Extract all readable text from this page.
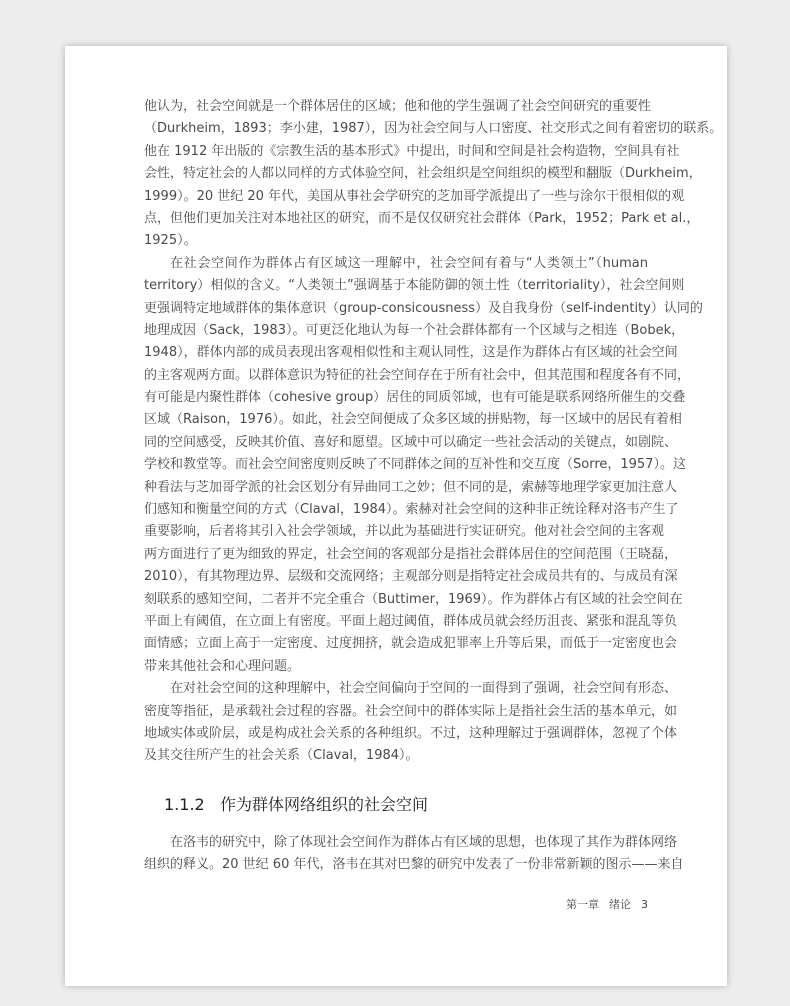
他认为，社会空间就是一个群体居住的区域；他和他的学生强调了社会空间研究的重要性
（Durkheim，1893；李小建，1987），因为社会空间与人口密度、社交形式之间有着密切的联系。
他在 1912 年出版的《宗教生活的基本形式》中提出，时间和空间是社会构造物，空间具有社
会性，特定社会的人都以同样的方式体验空间，社会组织是空间组织的模型和翻版（Durkheim，
1999）。20 世纪 20 年代，美国从事社会学研究的芝加哥学派提出了一些与涂尔干很相似的观
点，但他们更加关注对本地社区的研究，而不是仅仅研究社会群体（Park，1952；Park et al.，
1925）。
在社会空间作为群体占有区域这一理解中，社会空间有着与“人类领土”（human
territory）相似的含义。“人类领土”强调基于本能防御的领土性（territoriality），社会空间则
更强调特定地域群体的集体意识（group-consicousness）及自我身份（self-indentity）认同的
地理成因（Sack，1983）。可更泛化地认为每一个社会群体都有一个区域与之相连（Bobek，
1948），群体内部的成员表现出客观相似性和主观认同性，这是作为群体占有区域的社会空间
的主客观两方面。以群体意识为特征的社会空间存在于所有社会中，但其范围和程度各有不同，
有可能是内聚性群体（cohesive group）居住的同质邻域，也有可能是联系网络所催生的交叠
区域（Raison，1976）。如此，社会空间便成了众多区域的拼贴物，每一区域中的居民有着相
同的空间感受，反映其价值、喜好和愿望。区域中可以确定一些社会活动的关键点，如剧院、
学校和教堂等。而社会空间密度则反映了不同群体之间的互补性和交互度（Sorre，1957）。这
种看法与芝加哥学派的社会区划分有异曲同工之妙；但不同的是，索赫等地理学家更加注意人
们感知和衡量空间的方式（Claval，1984）。索赫对社会空间的这种非正统诠释对洛韦产生了
重要影响，后者将其引入社会学领域，并以此为基础进行实证研究。他对社会空间的主客观
两方面进行了更为细致的界定，社会空间的客观部分是指社会群体居住的空间范围（王晓磊，
2010），有其物理边界、层级和交流网络；主观部分则是指特定社会成员共有的、与成员有深
刻联系的感知空间，二者并不完全重合（Buttimer，1969）。作为群体占有区域的社会空间在
平面上有阈值，在立面上有密度。平面上超过阈值，群体成员就会经历沮丧、紧张和混乱等负
面情感；立面上高于一定密度、过度拥挤，就会造成犯罪率上升等后果，而低于一定密度也会
带来其他社会和心理问题。
在对社会空间的这种理解中，社会空间偏向于空间的一面得到了强调，社会空间有形态、
密度等指征，是承载社会过程的容器。社会空间中的群体实际上是指社会生活的基本单元，如
地域实体或阶层，或是构成社会关系的各种组织。不过，这种理解过于强调群体，忽视了个体
及其交往所产生的社会关系（Claval，1984）。
1.1.2 作为群体网络组织的社会空间
在洛韦的研究中，除了体现社会空间作为群体占有区域的思想，也体现了其作为群体网络
组织的释义。20 世纪 60 年代，洛韦在其对巴黎的研究中发表了一份非常新颖的图示——来自
第一章 绪论 3
